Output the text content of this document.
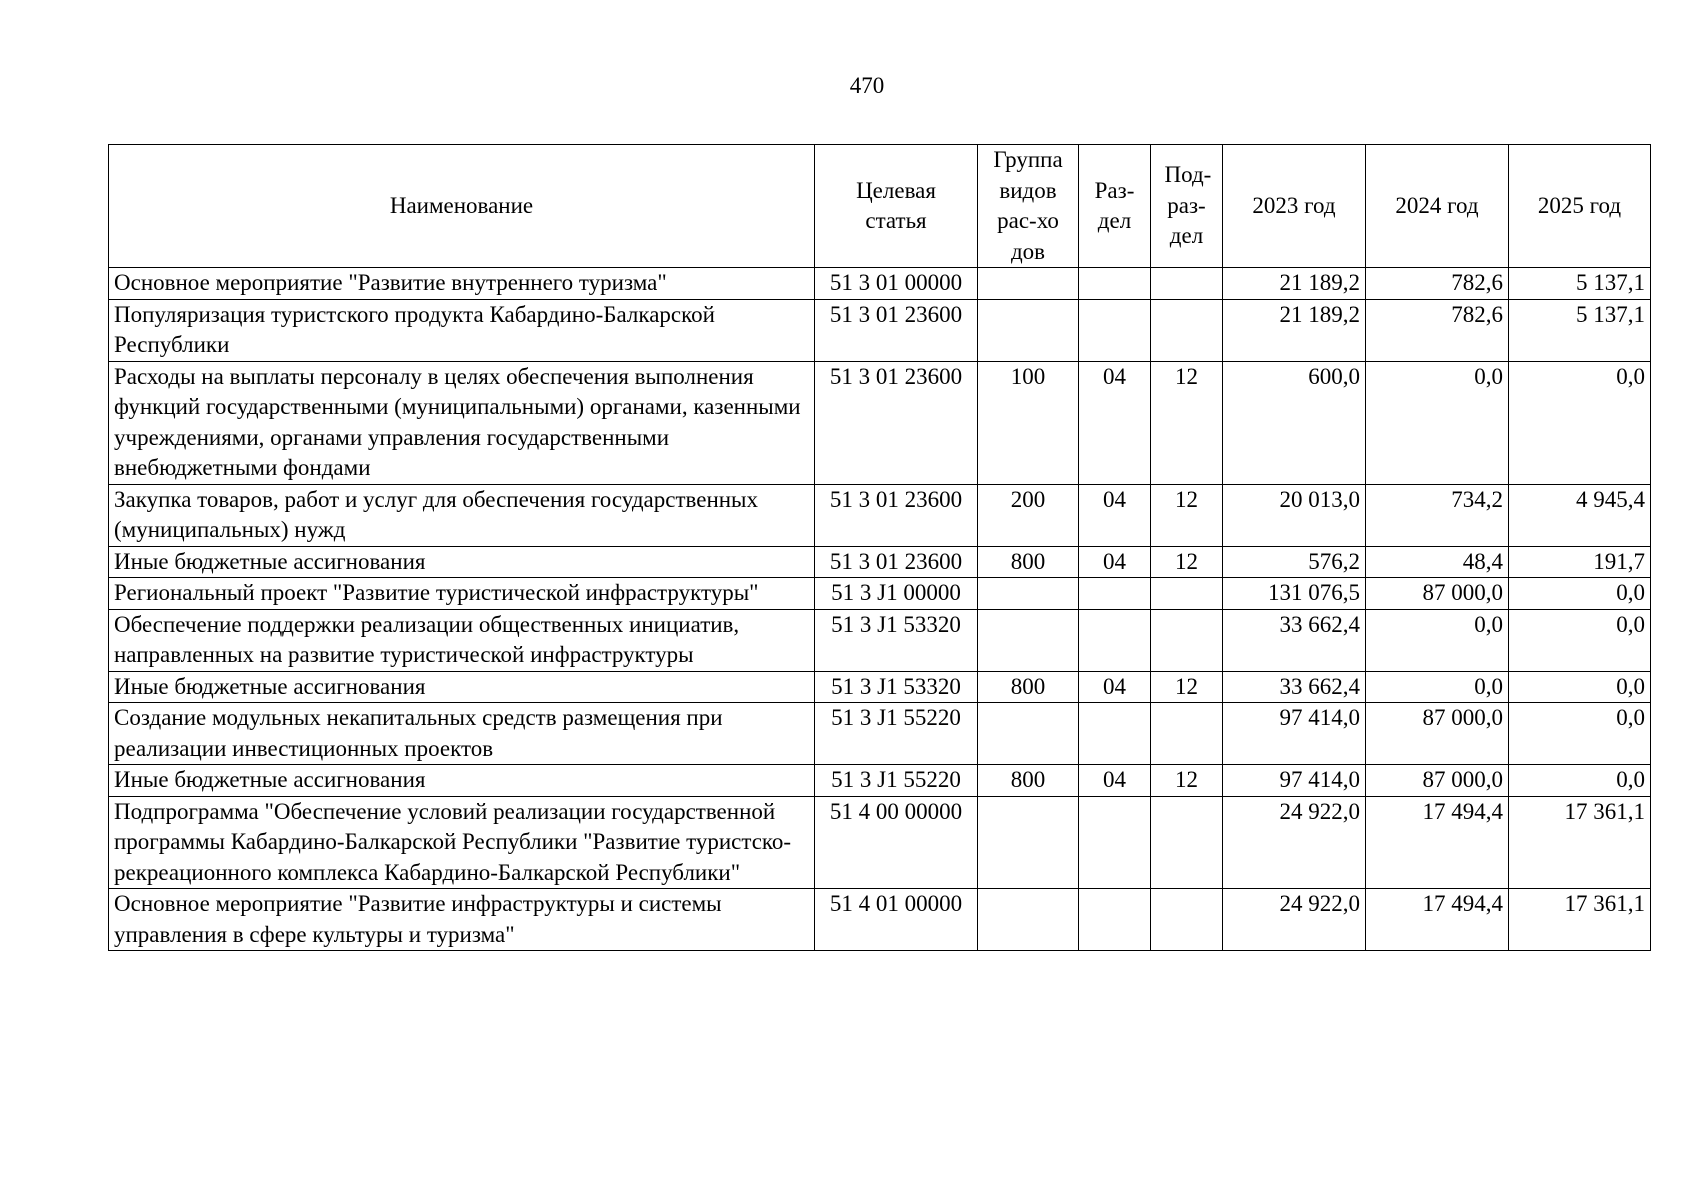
470
Наименование	Целевая статья	Группа видов рас-ходов	Раз-дел	Под-раз-дел	2023 год	2024 год	2025 год
Основное мероприятие "Развитие внутреннего туризма"	51 3 01 00000				21 189,2	782,6	5 137,1
Популяризация туристского продукта Кабардино-Балкарской Республики	51 3 01 23600				21 189,2	782,6	5 137,1
Расходы на выплаты персоналу в целях обеспечения выполнения функций государственными (муниципальными) органами, казенными учреждениями, органами управления государственными внебюджетными фондами	51 3 01 23600	100	04	12	600,0	0,0	0,0
Закупка товаров, работ и услуг для обеспечения государственных (муниципальных) нужд	51 3 01 23600	200	04	12	20 013,0	734,2	4 945,4
Иные бюджетные ассигнования	51 3 01 23600	800	04	12	576,2	48,4	191,7
Региональный проект "Развитие туристической инфраструктуры"	51 3 J1 00000				131 076,5	87 000,0	0,0
Обеспечение поддержки реализации общественных инициатив, направленных на развитие туристической инфраструктуры	51 3 J1 53320				33 662,4	0,0	0,0
Иные бюджетные ассигнования	51 3 J1 53320	800	04	12	33 662,4	0,0	0,0
Создание модульных некапитальных средств размещения при реализации инвестиционных проектов	51 3 J1 55220				97 414,0	87 000,0	0,0
Иные бюджетные ассигнования	51 3 J1 55220	800	04	12	97 414,0	87 000,0	0,0
Подпрограмма "Обеспечение условий реализации государственной программы Кабардино-Балкарской Республики "Развитие туристско-рекреационного комплекса Кабардино-Балкарской Республики"	51 4 00 00000				24 922,0	17 494,4	17 361,1
Основное мероприятие "Развитие инфраструктуры и системы управления в сфере культуры и туризма"	51 4 01 00000				24 922,0	17 494,4	17 361,1
